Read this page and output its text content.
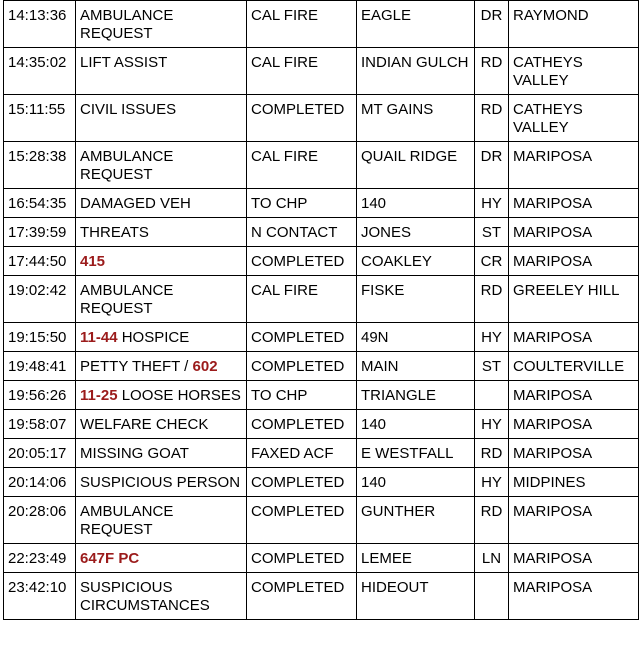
14:13:36	AMBULANCE REQUEST	CAL FIRE	EAGLE	DR	RAYMOND
14:35:02	LIFT ASSIST	CAL FIRE	INDIAN GULCH	RD	CATHEYS VALLEY
15:11:55	CIVIL ISSUES	COMPLETED	MT GAINS	RD	CATHEYS VALLEY
15:28:38	AMBULANCE REQUEST	CAL FIRE	QUAIL RIDGE	DR	MARIPOSA
16:54:35	DAMAGED VEH	TO CHP	140	HY	MARIPOSA
17:39:59	THREATS	N CONTACT	JONES	ST	MARIPOSA
17:44:50	415	COMPLETED	COAKLEY	CR	MARIPOSA
19:02:42	AMBULANCE REQUEST	CAL FIRE	FISKE	RD	GREELEY HILL
19:15:50	11-44 HOSPICE	COMPLETED	49N	HY	MARIPOSA
19:48:41	PETTY THEFT / 602	COMPLETED	MAIN	ST	COULTERVILLE
19:56:26	11-25 LOOSE HORSES	TO CHP	TRIANGLE		MARIPOSA
19:58:07	WELFARE CHECK	COMPLETED	140	HY	MARIPOSA
20:05:17	MISSING GOAT	FAXED ACF	E WESTFALL	RD	MARIPOSA
20:14:06	SUSPICIOUS PERSON	COMPLETED	140	HY	MIDPINES
20:28:06	AMBULANCE REQUEST	COMPLETED	GUNTHER	RD	MARIPOSA
22:23:49	647F PC	COMPLETED	LEMEE	LN	MARIPOSA
23:42:10	SUSPICIOUS CIRCUMSTANCES	COMPLETED	HIDEOUT		MARIPOSA
